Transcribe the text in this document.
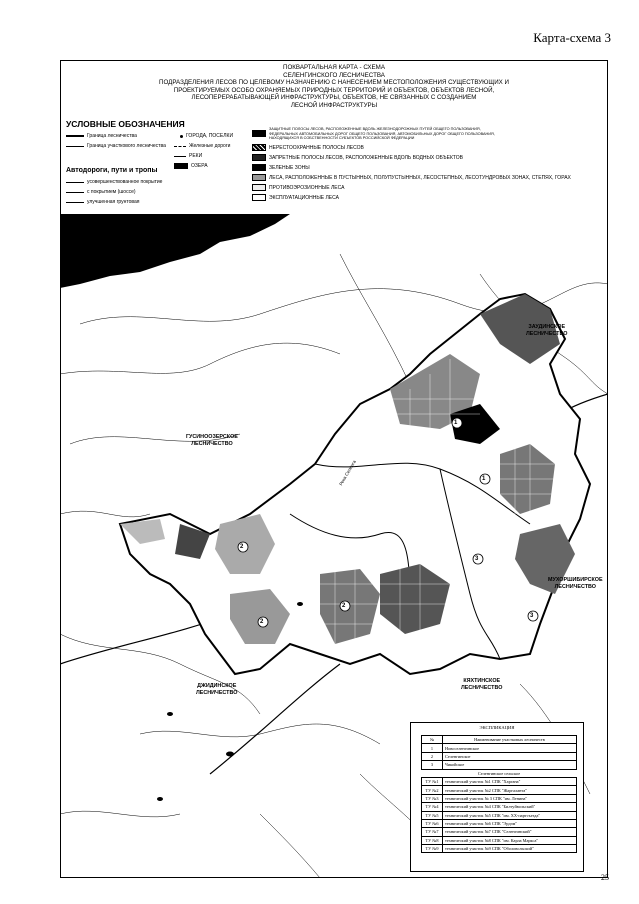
Карта-схема 3
ПОКВАРТАЛЬНАЯ КАРТА - СХЕМА
СЕЛЕНГИНСКОГО ЛЕСНИЧЕСТВА
ПОДРАЗДЕЛЕНИЯ ЛЕСОВ ПО ЦЕЛЕВОМУ НАЗНАЧЕНИЮ С НАНЕСЕНИЕМ МЕСТОПОЛОЖЕНИЯ СУЩЕСТВУЮЩИХ И
ПРОЕКТИРУЕМЫХ ОСОБО ОХРАНЯЕМЫХ ПРИРОДНЫХ ТЕРРИТОРИЙ И ОБЪЕКТОВ, ОБЪЕКТОВ ЛЕСНОЙ,
ЛЕСОПЕРЕРАБАТЫВАЮЩЕЙ ИНФРАСТРУКТУРЫ, ОБЪЕКТОВ, НЕ СВЯЗАННЫХ С СОЗДАНИЕМ
ЛЕСНОЙ ИНФРАСТРУКТУРЫ
УСЛОВНЫЕ ОБОЗНАЧЕНИЯ
Граница лесничества
Граница участкового лесничества
ГОРОДА, ПОСЕЛКИ
Железные дороги
РЕКИ
ОЗЕРА
Автодороги, пути и тропы
усовершенствованное покрытие
с покрытием (шоссе)
улучшенная грунтовая
ЗАЩИТНЫЕ ПОЛОСЫ ЛЕСОВ, РАСПОЛОЖЕННЫЕ ВДОЛЬ ЖЕЛЕЗНОДОРОЖНЫХ ПУТЕЙ ОБЩЕГО ПОЛЬЗОВАНИЯ,
ФЕДЕРАЛЬНЫХ АВТОМОБИЛЬНЫХ ДОРОГ ОБЩЕГО ПОЛЬЗОВАНИЯ, АВТОМОБИЛЬНЫХ ДОРОГ ОБЩЕГО ПОЛЬЗОВАНИЯ,
НАХОДЯЩИХСЯ В СОБСТВЕННОСТИ СУБЪЕКТОВ РОССИЙСКОЙ ФЕДЕРАЦИИ
НЕРЕСТООХРАННЫЕ ПОЛОСЫ ЛЕСОВ
ЗАПРЕТНЫЕ ПОЛОСЫ ЛЕСОВ, РАСПОЛОЖЕННЫЕ ВДОЛЬ ВОДНЫХ ОБЪЕКТОВ
ЗЕЛЕНЫЕ ЗОНЫ
ЛЕСА, РАСПОЛОЖЕННЫЕ В ПУСТЫННЫХ, ПОЛУПУСТЫННЫХ, ЛЕСОСТЕПНЫХ, ЛЕСОТУНДРОВЫХ ЗОНАХ, СТЕПЯХ, ГОРАХ
ПРОТИВОЭРОЗИОННЫЕ ЛЕСА
ЭКСПЛУАТАЦИОННЫЕ ЛЕСА
1
1
2
2
2
3
3
ГУСИНООЗЕРСКОЕ
ЛЕСНИЧЕСТВО
ЗАУДИНСКОЕ
ЛЕСНИЧЕСТВО
МУХОРШИБИРСКОЕ
ЛЕСНИЧЕСТВО
КЯХТИНСКОЕ
ЛЕСНИЧЕСТВО
ДЖИДИНСКОЕ
ЛЕСНИЧЕСТВО
Река Селенга
ЭКСПЛИКАЦИЯ
№	Наименование участковых лесничеств
1	Новоселенгинское
2	Селенгинское
3	Чикойское
Селенгинское сельское	
ТУ №1	технический участок №1 СПК "Харгана"
ТУ №2	технический участок №2 СПК "Жаргаланта"
ТУ №3	технический участок № 3 СПК "им. Ленина"
ТУ №4	технический участок №4 СПК "Билтуйвольский"
ТУ №5	технический участок №5 СПК "им. XX-партсъезда"
ТУ №6	технический участок №6 СПК "Эрдэм"
ТУ №7	технический участок №7 СПК "Селенгинский"
ТУ №8	технический участок №8 СПК "им. Карла Маркса"
ТУ №9	технический участок №9 СПК "Оболовольский"
25
